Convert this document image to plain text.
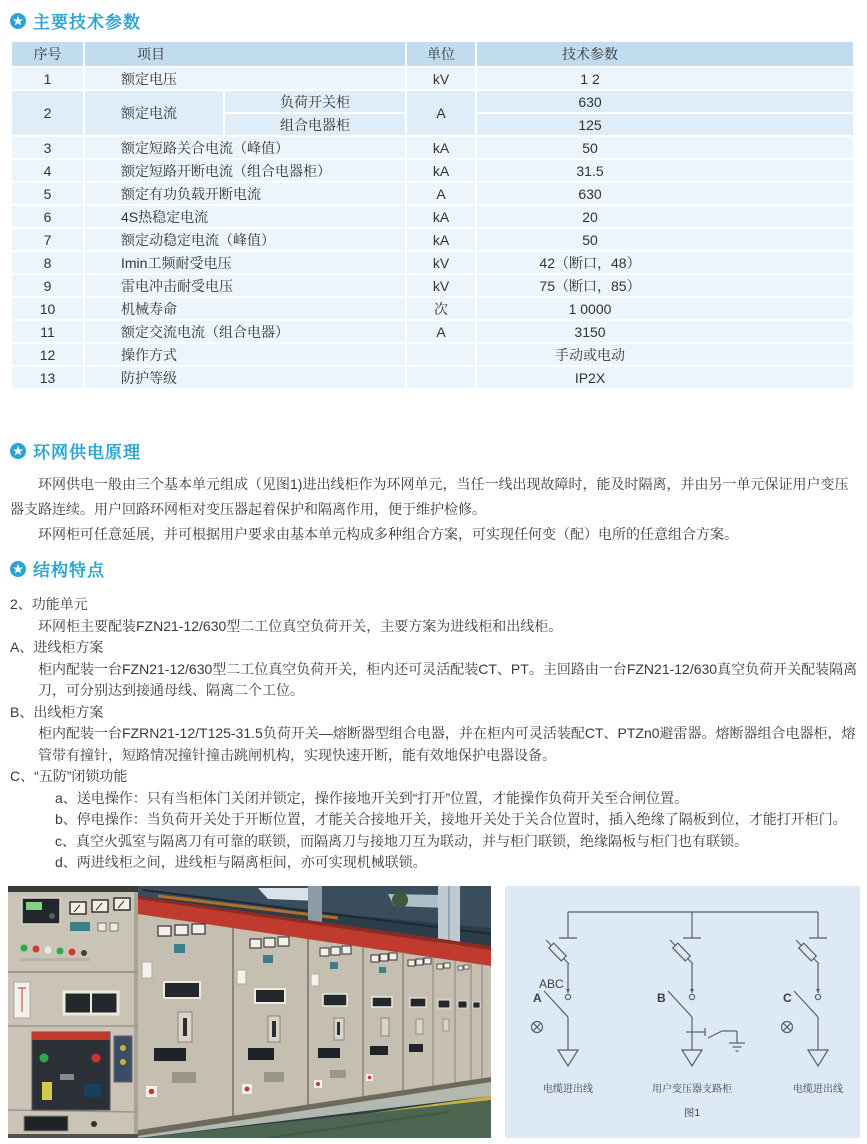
主要技术参数
序号	项目		单位	技术参数
1	额定电压		kV	1 2
2	额定电流	负荷开关柜	A	630
		组合电器柜		125
3	额定短路关合电流（峰值）		kA	50
4	额定短路开断电流（组合电器柜）		kA	31.5
5	额定有功负载开断电流		A	630
6	4S热稳定电流		kA	20
7	额定动稳定电流（峰值）		kA	50
8	Imin工频耐受电压		kV	42（断口，48）
9	雷电冲击耐受电压		kV	75（断口，85）
10	机械寿命		次	1 0000
11	额定交流电流（组合电器）		A	3150
12	操作方式			手动或电动
13	防护等级			IP2X
环网供电原理

环网供电一般由三个基本单元组成（见图1)进出线柜作为环网单元，当任一线出现故障时，能及时隔离，并由另一单元保证用户变压器支路连续。用户回路环网柜对变压器起着保护和隔离作用，便于维护检修。

环网柜可任意延展，并可根据用户要求由基本单元构成多种组合方案，可实现任何变（配）电所的任意组合方案。

结构特点

2、功能单元

环网柜主要配装FZN21-12/630型二工位真空负荷开关，主要方案为进线柜和出线柜。

A、进线柜方案

柜内配装一台FZN21-12/630型二工位真空负荷开关，柜内还可灵活配装CT、PT。主回路由一台FZN21-12/630真空负荷开关配装隔离刀，可分别达到接通母线、隔离二个工位。

B、出线柜方案

柜内配装一台FZRN21-12/T125-31.5负荷开关—熔断器型组合电器，并在柜内可灵活装配CT、PTZn0避雷器。熔断器组合电器柜，熔管带有撞针，短路情况撞针撞击跳闸机构，实现快速开断，能有效地保护电器设备。

C、“五防”闭锁功能

a、送电操作：只有当柜体门关闭并锁定，操作接地开关到“打开”位置，才能操作负荷开关至合闸位置。

b、停电操作：当负荷开关处于开断位置，才能关合接地开关，接地开关处于关合位置时，插入绝缘了隔板到位，才能打开柜门。

c、真空火弧室与隔离刀有可靠的联锁，而隔离刀与接地刀互为联动，并与柜门联锁，绝缘隔板与柜门也有联锁。

d、两进线柜之间，进线柜与隔离柜间，亦可实现机械联锁。

ABC
A	B	C
电缆进出线	用户变压器支路柜	电缆进出线
图1
